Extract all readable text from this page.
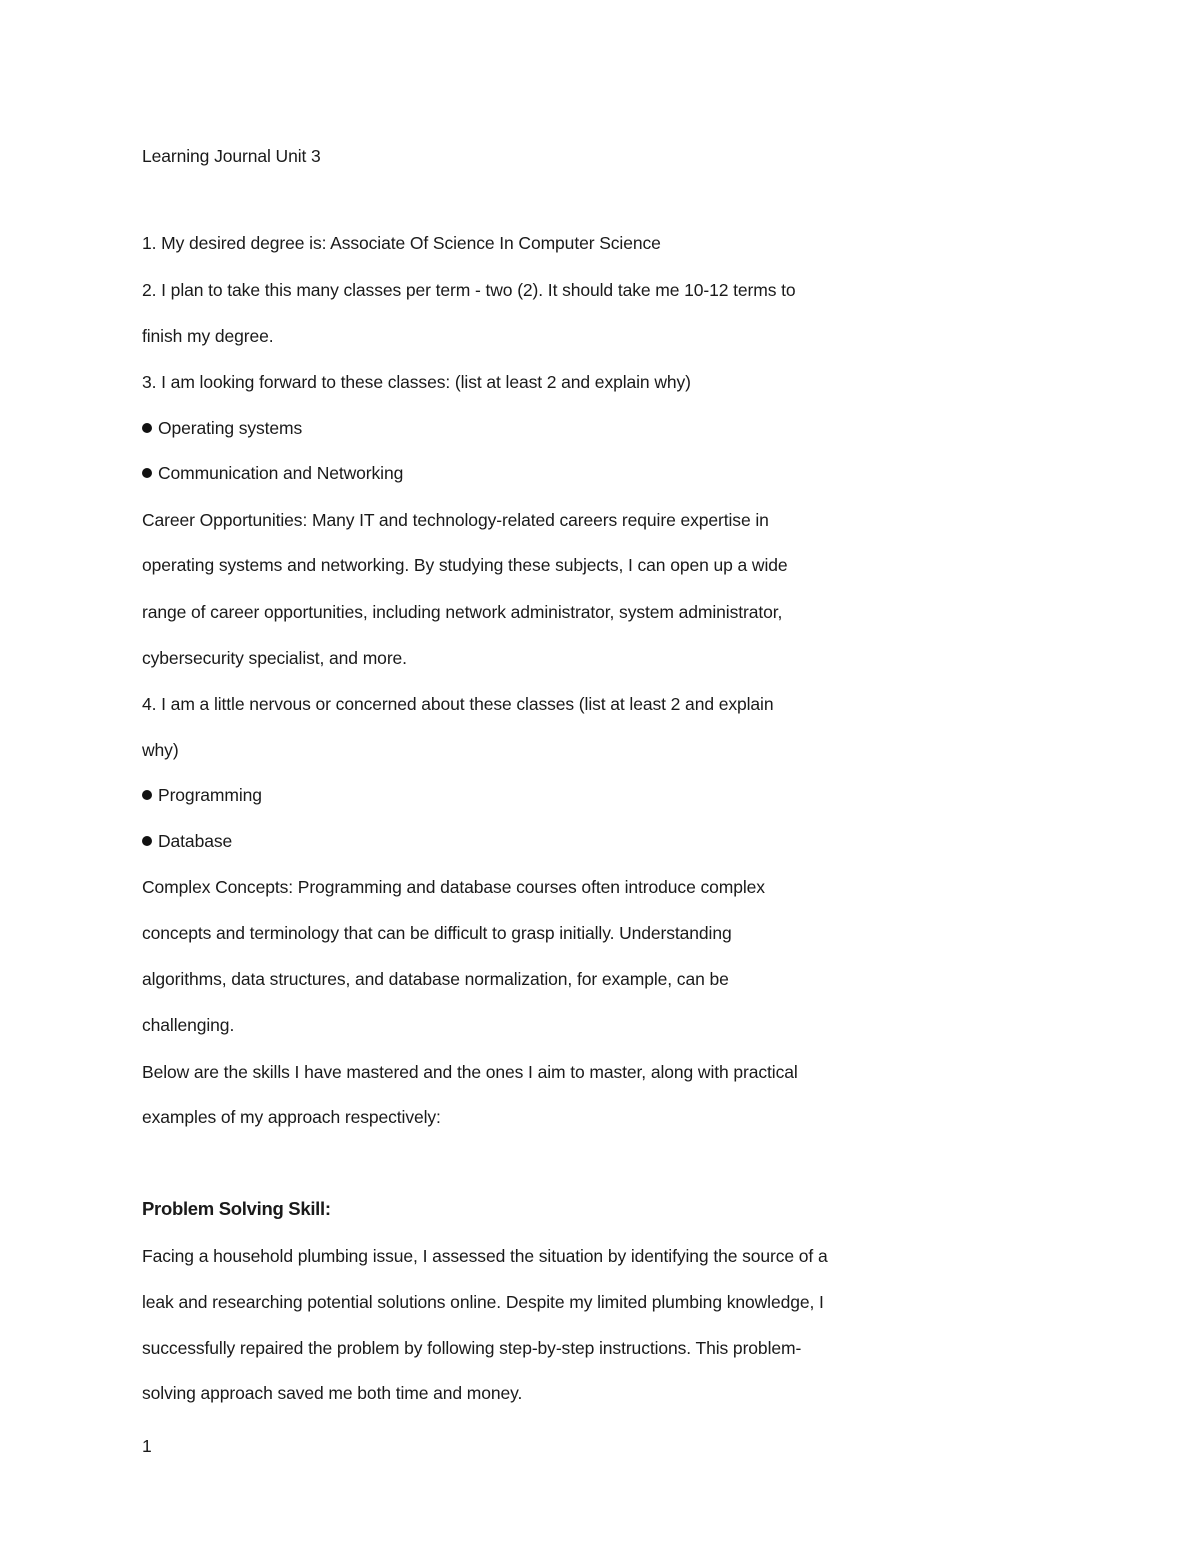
Learning Journal Unit 3
1. My desired degree is: Associate Of Science In Computer Science
2. I plan to take this many classes per term - two (2). It should take me 10-12 terms to
finish my degree.
3. I am looking forward to these classes: (list at least 2 and explain why)
Operating systems
Communication and Networking
Career Opportunities: Many IT and technology-related careers require expertise in
operating systems and networking. By studying these subjects, I can open up a wide
range of career opportunities, including network administrator, system administrator,
cybersecurity specialist, and more.
4. I am a little nervous or concerned about these classes (list at least 2 and explain
why)
Programming
Database
Complex Concepts: Programming and database courses often introduce complex
concepts and terminology that can be difficult to grasp initially. Understanding
algorithms, data structures, and database normalization, for example, can be
challenging.
Below are the skills I have mastered and the ones I aim to master, along with practical
examples of my approach respectively:
Problem Solving Skill:
Facing a household plumbing issue, I assessed the situation by identifying the source of a
leak and researching potential solutions online. Despite my limited plumbing knowledge, I
successfully repaired the problem by following step-by-step instructions. This problem-
solving approach saved me both time and money.
1
